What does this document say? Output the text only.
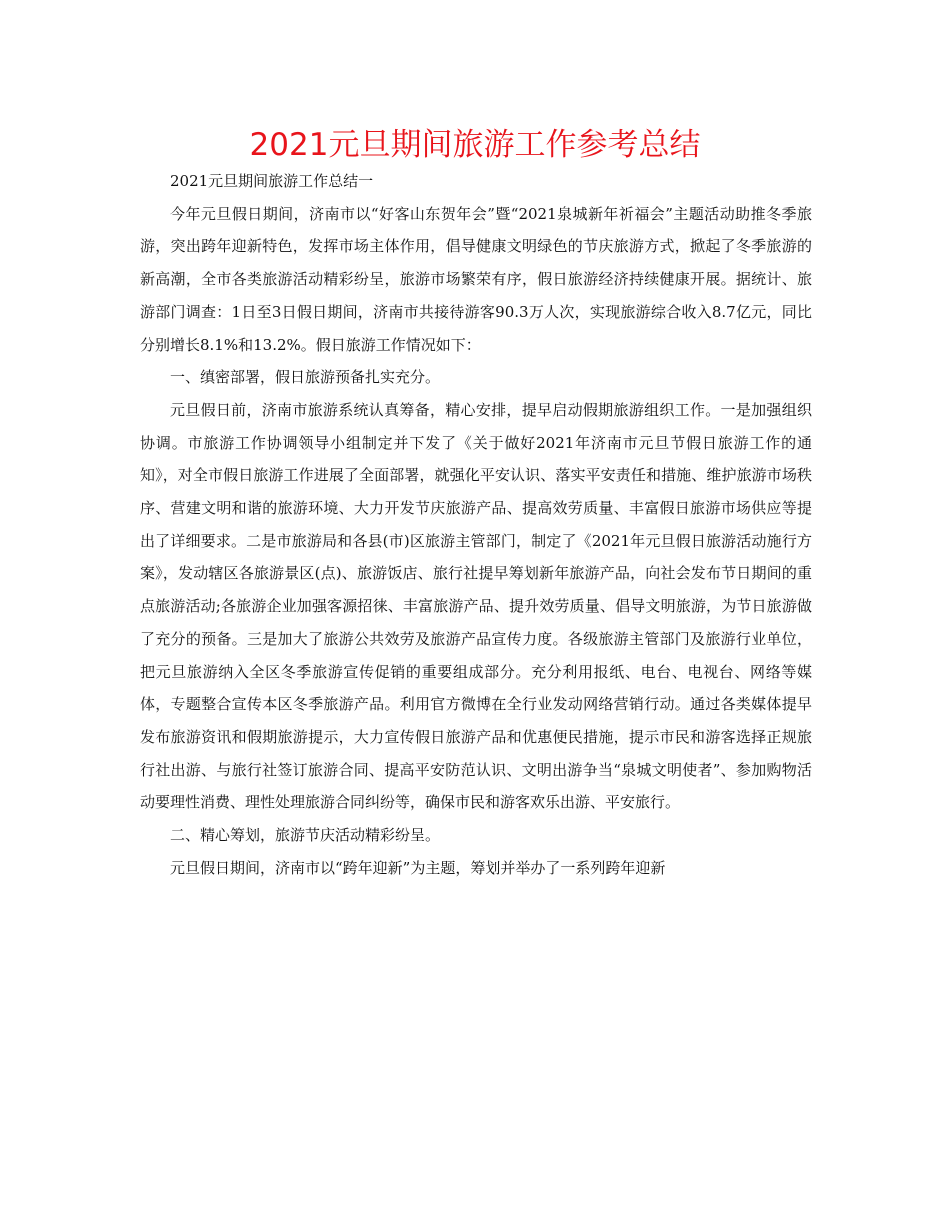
2021元旦期间旅游工作参考总结

2021元旦期间旅游工作总结一

今年元旦假日期间，济南市以“好客山东贺年会”暨“2021泉城新年祈福会”主题活动助推冬季旅游，突出跨年迎新特色，发挥市场主体作用，倡导健康文明绿色的节庆旅游方式，掀起了冬季旅游的新高潮，全市各类旅游活动精彩纷呈，旅游市场繁荣有序，假日旅游经济持续健康开展。据统计、旅游部门调查：1日至3日假日期间，济南市共接待游客90.3万人次，实现旅游综合收入8.7亿元，同比分别增长8.1%和13.2%。假日旅游工作情况如下：

一、缜密部署，假日旅游预备扎实充分。

元旦假日前，济南市旅游系统认真筹备，精心安排，提早启动假期旅游组织工作。一是加强组织协调。市旅游工作协调领导小组制定并下发了《关于做好2021年济南市元旦节假日旅游工作的通知》，对全市假日旅游工作进展了全面部署，就强化平安认识、落实平安责任和措施、维护旅游市场秩序、营建文明和谐的旅游环境、大力开发节庆旅游产品、提高效劳质量、丰富假日旅游市场供应等提出了详细要求。二是市旅游局和各县(市)区旅游主管部门，制定了《2021年元旦假日旅游活动施行方案》，发动辖区各旅游景区(点)、旅游饭店、旅行社提早筹划新年旅游产品，向社会发布节日期间的重点旅游活动;各旅游企业加强客源招徕、丰富旅游产品、提升效劳质量、倡导文明旅游，为节日旅游做了充分的预备。三是加大了旅游公共效劳及旅游产品宣传力度。各级旅游主管部门及旅游行业单位，把元旦旅游纳入全区冬季旅游宣传促销的重要组成部分。充分利用报纸、电台、电视台、网络等媒体，专题整合宣传本区冬季旅游产品。利用官方微博在全行业发动网络营销行动。通过各类媒体提早发布旅游资讯和假期旅游提示，大力宣传假日旅游产品和优惠便民措施，提示市民和游客选择正规旅行社出游、与旅行社签订旅游合同、提高平安防范认识、文明出游争当“泉城文明使者”、参加购物活动要理性消费、理性处理旅游合同纠纷等，确保市民和游客欢乐出游、平安旅行。

二、精心筹划，旅游节庆活动精彩纷呈。

元旦假日期间，济南市以“跨年迎新”为主题，筹划并举办了一系列跨年迎新
